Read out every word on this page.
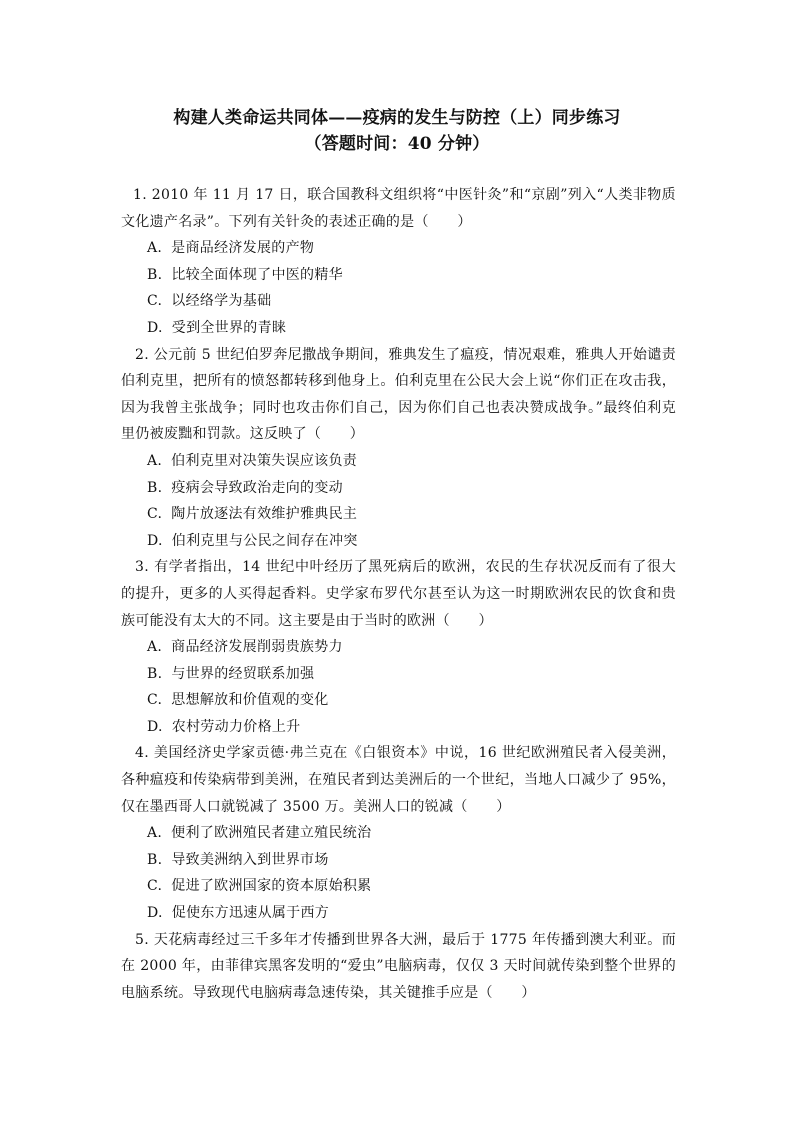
构建人类命运共同体——疫病的发生与防控（上）同步练习
（答题时间：40 分钟）

1. 2010 年 11 月 17 日，联合国教科文组织将“中医针灸”和“京剧”列入“人类非物质文化遗产名录”。下列有关针灸的表述正确的是（　　）

A. 是商品经济发展的产物

B. 比较全面体现了中医的精华

C. 以经络学为基础

D. 受到全世界的青睐

2. 公元前 5 世纪伯罗奔尼撒战争期间，雅典发生了瘟疫，情况艰难，雅典人开始谴责伯利克里，把所有的愤怒都转移到他身上。伯利克里在公民大会上说“你们正在攻击我，因为我曾主张战争；同时也攻击你们自己，因为你们自己也表决赞成战争。”最终伯利克里仍被废黜和罚款。这反映了（　　）

A. 伯利克里对决策失误应该负责

B. 疫病会导致政治走向的变动

C. 陶片放逐法有效维护雅典民主

D. 伯利克里与公民之间存在冲突

3. 有学者指出，14 世纪中叶经历了黑死病后的欧洲，农民的生存状况反而有了很大的提升，更多的人买得起香料。史学家布罗代尔甚至认为这一时期欧洲农民的饮食和贵族可能没有太大的不同。这主要是由于当时的欧洲（　　）

A. 商品经济发展削弱贵族势力

B. 与世界的经贸联系加强

C. 思想解放和价值观的变化

D. 农村劳动力价格上升

4. 美国经济史学家贡德·弗兰克在《白银资本》中说，16 世纪欧洲殖民者入侵美洲，各种瘟疫和传染病带到美洲，在殖民者到达美洲后的一个世纪，当地人口减少了 95%，仅在墨西哥人口就锐减了 3500 万。美洲人口的锐减（　　）

A. 便利了欧洲殖民者建立殖民统治

B. 导致美洲纳入到世界市场

C. 促进了欧洲国家的资本原始积累

D. 促使东方迅速从属于西方

5. 天花病毒经过三千多年才传播到世界各大洲，最后于 1775 年传播到澳大利亚。而在 2000 年，由菲律宾黑客发明的“爱虫”电脑病毒，仅仅 3 天时间就传染到整个世界的电脑系统。导致现代电脑病毒急速传染，其关键推手应是（　　）
